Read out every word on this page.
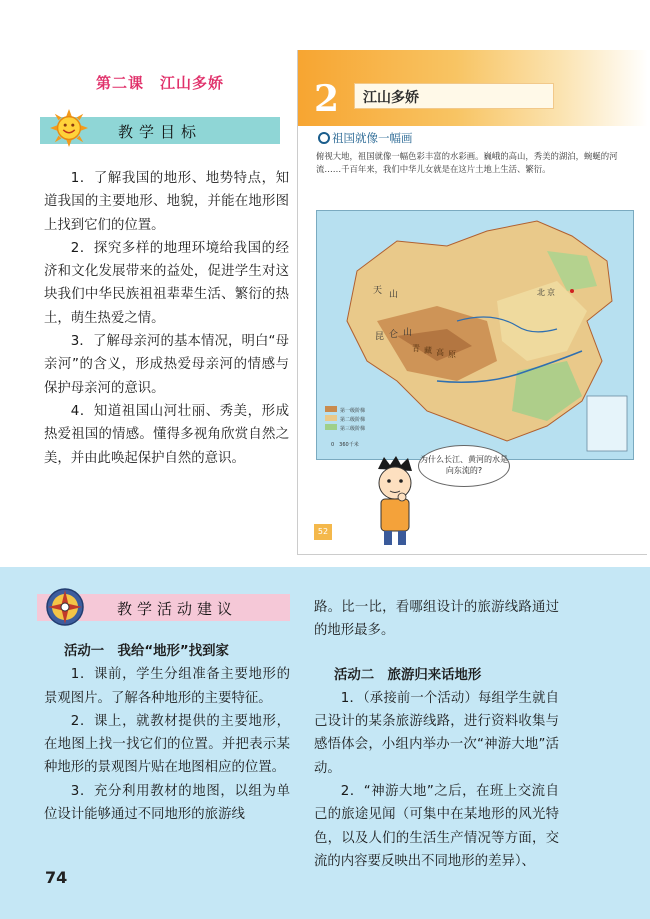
第二课　江山多娇
教学目标

1．了解我国的地形、地势特点，知道我国的主要地形、地貌，并能在地形图上找到它们的位置。

2．探究多样的地理环境给我国的经济和文化发展带来的益处，促进学生对这块我们中华民族祖祖辈辈生活、繁衍的热土，萌生热爱之情。

3．了解母亲河的基本情况，明白“母亲河”的含义，形成热爱母亲河的情感与保护母亲河的意识。

4．知道祖国山河壮丽、秀美，形成热爱祖国的情感。懂得多视角欣赏自然之美，并由此唤起保护自然的意识。

2 江山多娇
祖国就像一幅画
俯视大地，祖国就像一幅色彩丰富的水彩画。巍峨的高山，秀美的湖泊，蜿蜒的河流……千百年来，我们中华儿女就是在这片土地上生活、繁衍。
第一级阶梯
第二级阶梯
第三级阶梯
0　360千米
天 山
昆 仑 山
北 京
青 藏 高 原
为什么长江、黄河的水是向东流的?
52
教学活动建议

活动一　我给“地形”找到家

1．课前，学生分组准备主要地形的景观图片。了解各种地形的主要特征。

2．课上，就教材提供的主要地形，在地图上找一找它们的位置。并把表示某种地形的景观图片贴在地图相应的位置。

3．充分利用教材的地图，以组为单位设计能够通过不同地形的旅游线

路。比一比，看哪组设计的旅游线路通过的地形最多。

活动二　旅游归来话地形

1．（承接前一个活动）每组学生就自己设计的某条旅游线路，进行资料收集与感悟体会，小组内举办一次“神游大地”活动。

2．“神游大地”之后，在班上交流自己的旅途见闻（可集中在某地形的风光特色，以及人们的生活生产情况等方面，交流的内容要反映出不同地形的差异）、

74
